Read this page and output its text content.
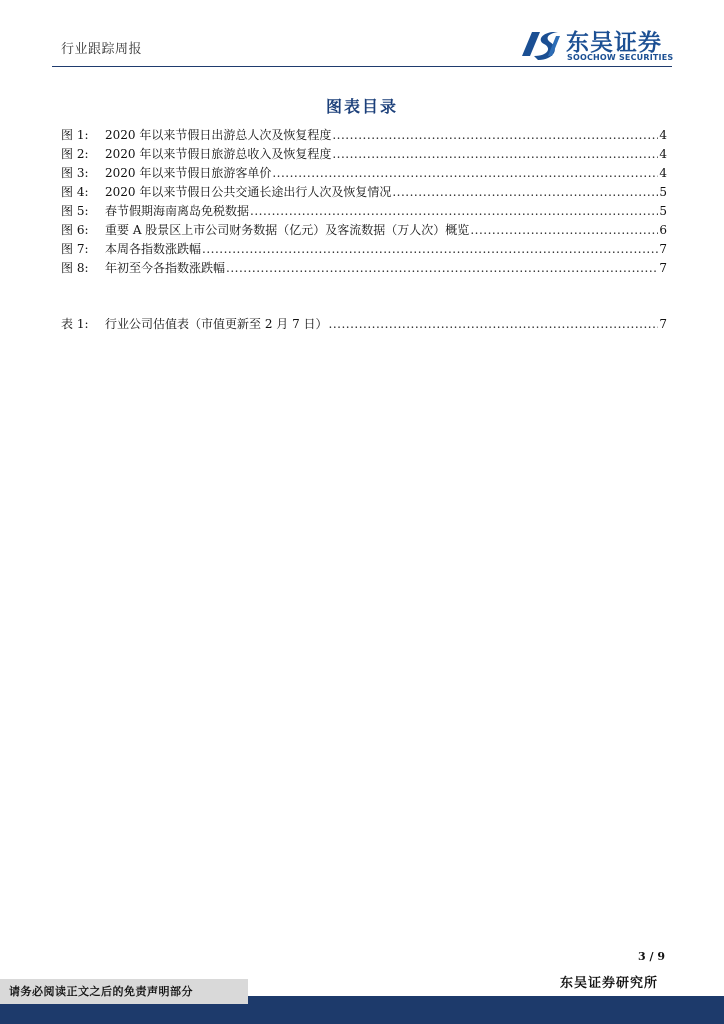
行业跟踪周报	东吴证券
SOOCHOW SECURITIES
图表目录
图 1:	2020 年以来节假日出游总人次及恢复程度 .....	4
图 2:	2020 年以来节假日旅游总收入及恢复程度 .....	4
图 3:	2020 年以来节假日旅游客单价 .....	4
图 4:	2020 年以来节假日公共交通长途出行人次及恢复情况 .....	5
图 5:	春节假期海南离岛免税数据 .....	5
图 6:	重要 A 股景区上市公司财务数据（亿元）及客流数据（万人次）概览 .....	6
图 7:	本周各指数涨跌幅 .....	7
图 8:	年初至今各指数涨跌幅 .....	7
表 1:	行业公司估值表（市值更新至 2 月 7 日） .....	7
3 / 9
东吴证券研究所
请务必阅读正文之后的免责声明部分
